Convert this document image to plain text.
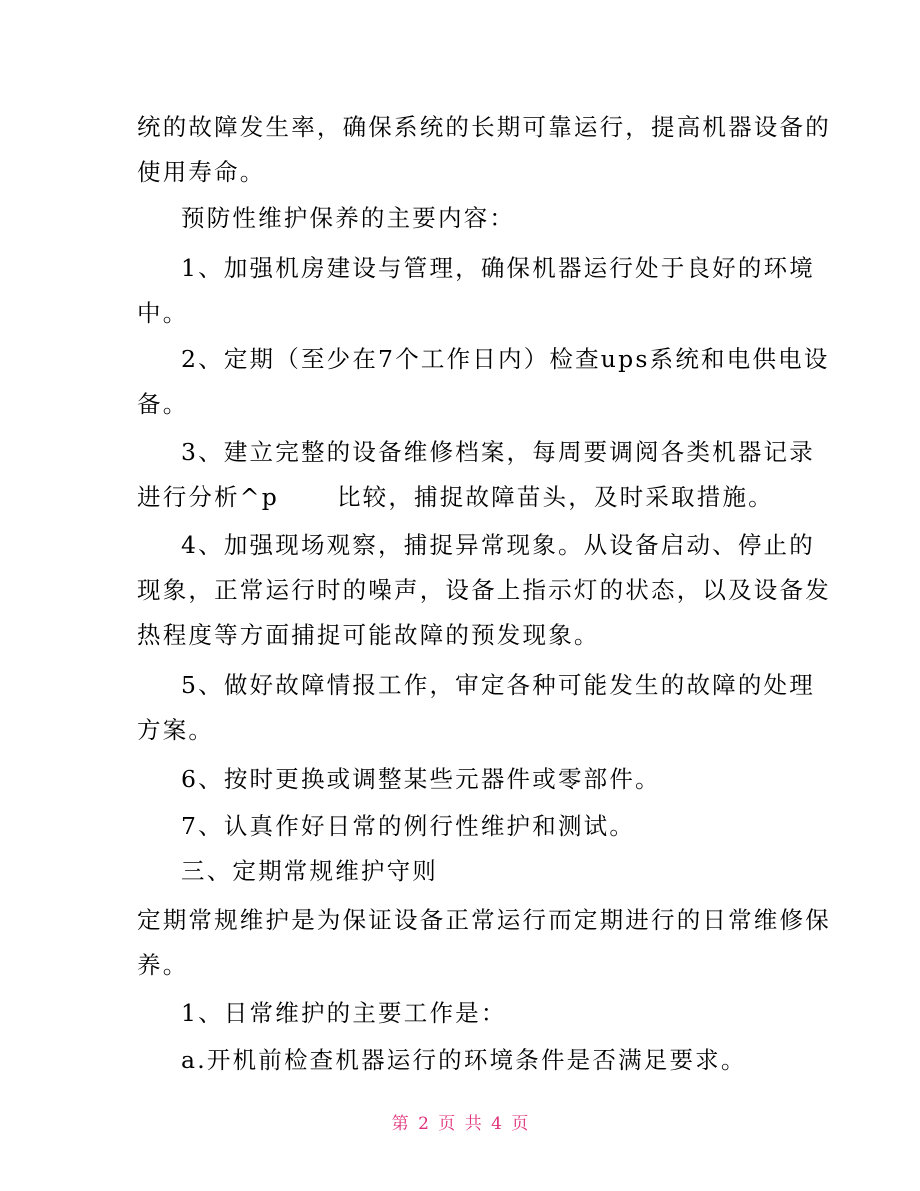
统的故障发生率，确保系统的长期可靠运行，提高机器设备的
使用寿命。
预防性维护保养的主要内容：
1、加强机房建设与管理，确保机器运行处于良好的环境
中。
2、定期（至少在7个工作日内）检查ups系统和电供电设
备。
3、建立完整的设备维修档案，每周要调阅各类机器记录
进行分析^p      比较，捕捉故障苗头，及时采取措施。
4、加强现场观察，捕捉异常现象。从设备启动、停止的
现象，正常运行时的噪声，设备上指示灯的状态，以及设备发
热程度等方面捕捉可能故障的预发现象。
5、做好故障情报工作，审定各种可能发生的故障的处理
方案。
6、按时更换或调整某些元器件或零部件。
7、认真作好日常的例行性维护和测试。
三、定期常规维护守则
定期常规维护是为保证设备正常运行而定期进行的日常维修保
养。
1、日常维护的主要工作是：
a.开机前检查机器运行的环境条件是否满足要求。
第 2 页 共 4 页
